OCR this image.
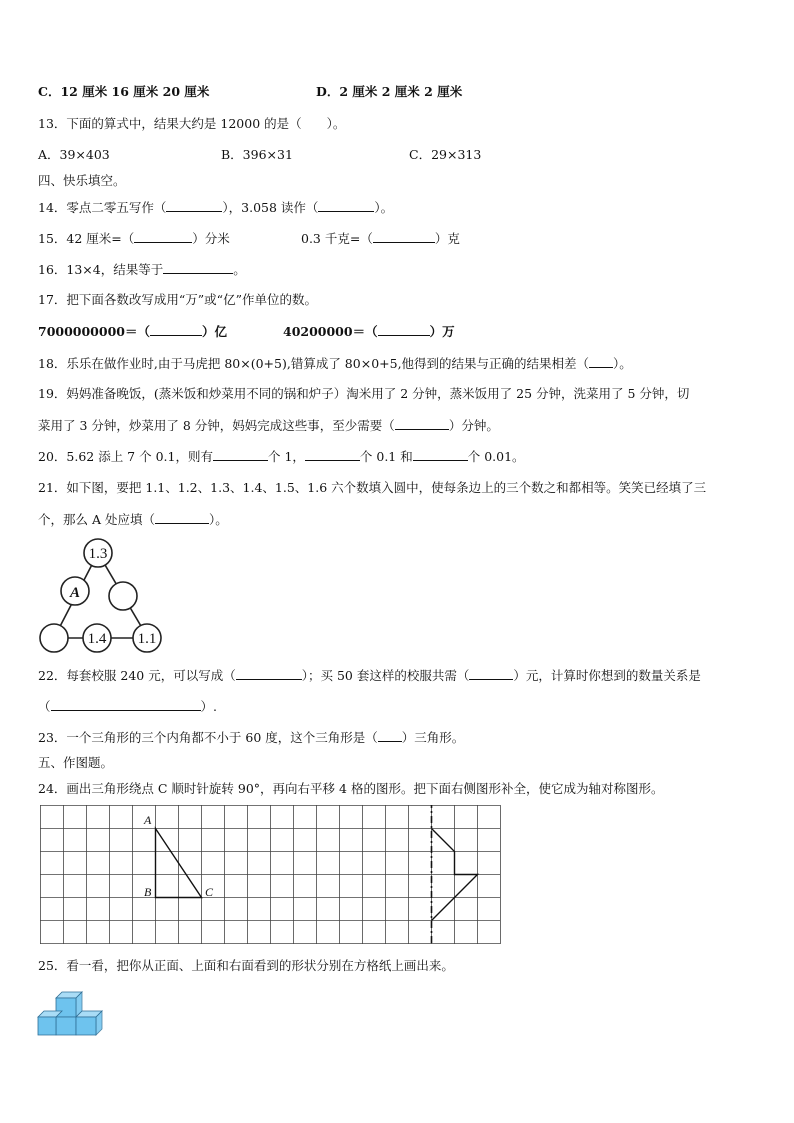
C．12 厘米 16 厘米 20 厘米	D．2 厘米 2 厘米 2 厘米
13．下面的算式中，结果大约是 12000 的是（　　）。
A．39×403	B．396×31	C．29×313
四、快乐填空。
14．零点二零五写作（	），3.058 读作（	）。
15．42 厘米=（	）分米	0.3 千克=（	）克
16．13×4，结果等于	。
17．把下面各数改写成用“万”或“亿”作单位的数。
7000000000＝（	）亿	40200000＝（	）万
18．乐乐在做作业时,由于马虎把 80×(0+5),错算成了 80×0+5,他得到的结果与正确的结果相差（ ）。
19．妈妈准备晚饭，(蒸米饭和炒菜用不同的锅和炉子）淘米用了 2 分钟，蒸米饭用了 25 分钟，洗菜用了 5 分钟，切
菜用了 3 分钟，炒菜用了 8 分钟，妈妈完成这些事，至少需要（	）分钟。
20．5.62 添上 7 个 0.1，则有	个 1，	个 0.1 和	个 0.01。
21．如下图，要把 1.1、1.2、1.3、1.4、1.5、1.6 六个数填入圆中，使每条边上的三个数之和都相等。笑笑已经填了三
个，那么 A 处应填（	）。
1.3
A
1.4 1.1
22．每套校服 240 元，可以写成（	）；买 50 套这样的校服共需（	）元，计算时你想到的数量关系是
（	）.
23．一个三角形的三个内角都不小于 60 度，这个三角形是（ ）三角形。
五、作图题。
24．画出三角形绕点 C 顺时针旋转 90°，再向右平移 4 格的图形。把下面右侧图形补全，使它成为轴对称图形。
A
B	C
25．看一看，把你从正面、上面和右面看到的形状分别在方格纸上画出来。
